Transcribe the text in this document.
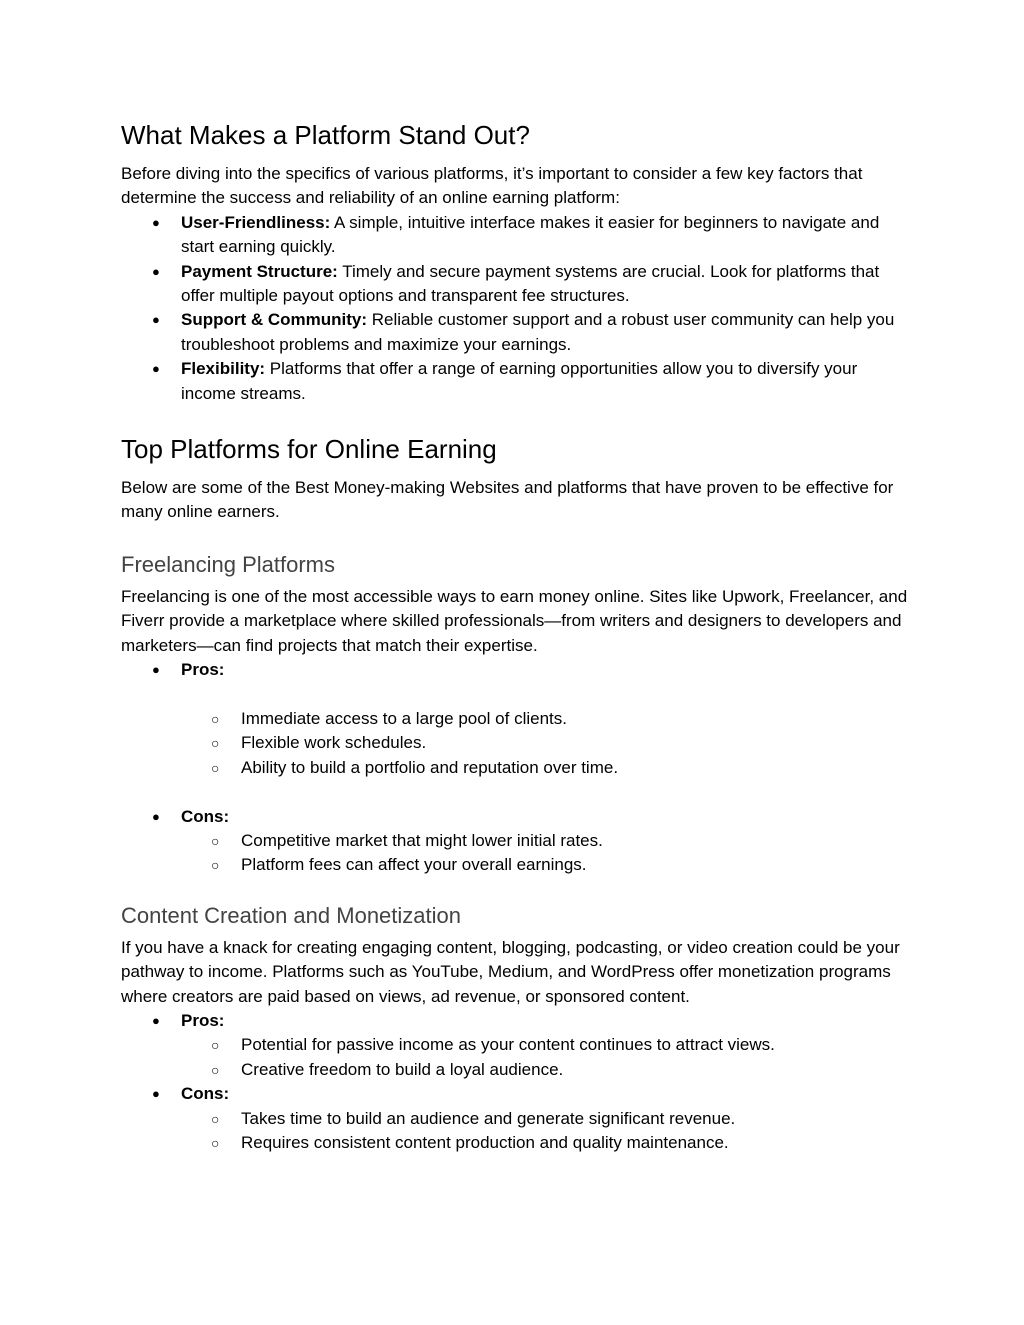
What Makes a Platform Stand Out?

Before diving into the specifics of various platforms, it’s important to consider a few key factors that determine the success and reliability of an online earning platform:

● User-Friendliness: A simple, intuitive interface makes it easier for beginners to navigate and start earning quickly.
● Payment Structure: Timely and secure payment systems are crucial. Look for platforms that offer multiple payout options and transparent fee structures.
● Support & Community: Reliable customer support and a robust user community can help you troubleshoot problems and maximize your earnings.
● Flexibility: Platforms that offer a range of earning opportunities allow you to diversify your income streams.
Top Platforms for Online Earning

Below are some of the Best Money-making Websites and platforms that have proven to be effective for many online earners.

Freelancing Platforms

Freelancing is one of the most accessible ways to earn money online. Sites like Upwork, Freelancer, and Fiverr provide a marketplace where skilled professionals—from writers and designers to developers and marketers—can find projects that match their expertise.

● Pros:
○ Immediate access to a large pool of clients.
○ Flexible work schedules.
○ Ability to build a portfolio and reputation over time.
● Cons:
○ Competitive market that might lower initial rates.
○ Platform fees can affect your overall earnings.
Content Creation and Monetization

If you have a knack for creating engaging content, blogging, podcasting, or video creation could be your pathway to income. Platforms such as YouTube, Medium, and WordPress offer monetization programs where creators are paid based on views, ad revenue, or sponsored content.

● Pros:
○ Potential for passive income as your content continues to attract views.
○ Creative freedom to build a loyal audience.
● Cons:
○ Takes time to build an audience and generate significant revenue.
○ Requires consistent content production and quality maintenance.
